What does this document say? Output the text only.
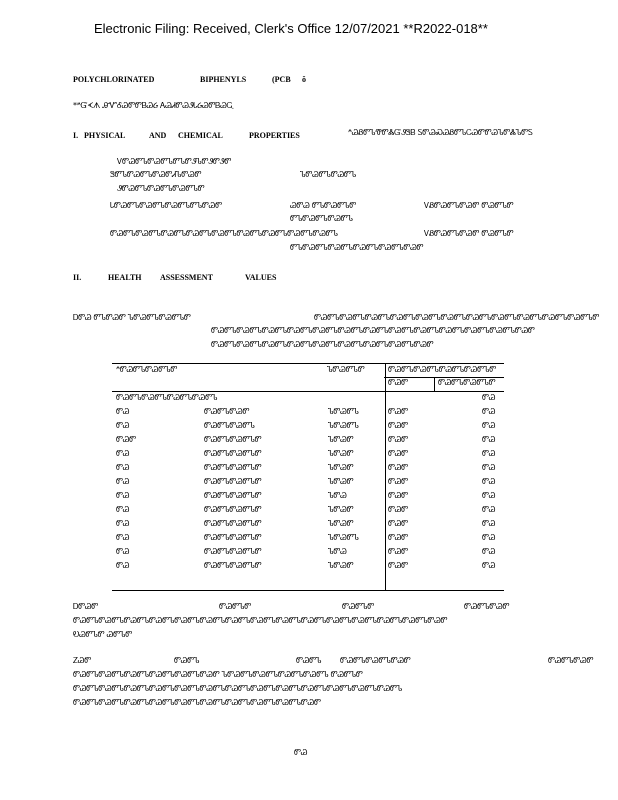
Electronic Filing: Received, Clerk's Office 12/07/2021 **R2022-018**
POLYCHLORINATED	BIPHENYLS	(PCB ŏ
*ᔿᏳᗉᗑ ᎯᏉᎴᏊᏛᏛᏴᏊᏵ ᎪᏊᏗᏛᏊᏭᏓᏵᏊᏛᏴᏊᏩ
I. PHYSICAL	AND CHEMICAL	PROPERTIES	ᔿᏊᏰᏛᏖᏡᏛᏜᏳᏭᏕᏴ ᏚᏛᏊᏍᏊᏰᏛᏖᏟᏊᏛᏛᏊᏖᏛᏜᏖᏛᏚ
ᏙᏛᏊᏛᏖᏛᏊᏛᏖᏛᏖᏛᏭᏖᏛᏭᏛᏭᏛ
ᏕᏛᏖᏛᏊᏛᏖᏛᏊᏛᏗᏖᏛᏊᏛ	ᏖᏛᏊᏛᏖᏛᏊᏛᏖ
ᏭᏛᏊᏛᏖᏛᏊᏛᏖᏛᏊᏛᏖᏛ
ᏓᏛᏊᏛᏖᏛᏊᏛᏖᏛᏊᏛᏖᏛᏖᏛᏊᏛ	ᏊᏛᏊ ᏛᏖᏛᏊᏛᏖᏛ	ᏙᏰᏛᏊᏛᏖᏛᏊᏛ ᏛᏊᏛᏖᏛ
ᏛᏖᏛᏊᏛᏖᏛᏊᏛᏖ
ᏛᏊᏛᏖᏛᏊᏛᏖᏛᏊᏛᏖᏛᏊᏛᏖᏛᏊᏛᏖᏛᏊᏛᏖᏛᏊᏛᏖᏛᏊᏛᏖᏛᏊᏛᏖ	ᏙᏰᏛᏊᏛᏖᏛᏊᏛ ᏛᏊᏛᏖᏛ
ᏛᏖᏛᏊᏛᏖᏛᏊᏛᏖᏛᏊᏛᏖᏛᏊᏛᏖᏛᏊᏛ
II.	HEALTH ASSESSMENT	VALUES
ᎠᏛᏊ ᏛᏖᏛᏊᏛ ᏖᏛᏊᏛᏖᏛᏊᏛᏖᏛ	ᏛᏊᏛᏖᏛᏊᏛᏖᏛᏊᏛᏖᏛᏊᏛᏖᏛᏊᏛᏖᏛᏊᏛᏖᏛᏊᏛᏖᏛᏊᏛᏖᏛᏊᏛᏖᏛᏊᏛᏖᏛᏊᏛᏖᏛ
ᏛᏊᏛᏖᏛᏊᏛᏖᏛᏊᏛᏖᏛᏊᏛᏖᏛᏊᏛᏖᏛᏊᏛᏖᏛᏊᏛᏖᏛᏊᏛᏖᏛᏊᏛᏖᏛᏊᏛᏖᏛᏊᏛᏖᏛᏊᏛᏖᏛᏊᏛ
ᏛᏊᏛᏖᏛᏊᏛᏖᏛᏊᏛᏖᏛᏊᏛᏖᏛᏊᏛᏖᏛᏊᏛᏖᏛᏊᏛᏖᏛᏊᏛᏖᏛᏊᏛ
ᔿᏛᏊᏛᏖᏛᏊᏛᏖᏛ	ᏖᏛᏊᏛᏖᏛ	ᏛᏊᏛᏖᏛᏊᏛᏖᏛᏊᏛᏖᏛᏊᏛᏖᏛ
ᏛᏊᏛ	ᏛᏊᏛᏖᏛᏊᏛᏖᏛ
ᏛᏊᏛᏖᏛᏊᏛᏖᏛᏊᏛᏖᏛᏊᏛᏖ	ᏛᏊ
ᏛᏊ	ᏛᏊᏛᏖᏛᏊᏛ	ᏖᏛᏊᏛᏖ	ᏛᏊᏛ	ᏛᏊ
ᏛᏊ	ᏛᏊᏛᏖᏛᏊᏛᏖ	ᏖᏛᏊᏛᏖ	ᏛᏊᏛ	ᏛᏊ
ᏛᏊᏛ	ᏛᏊᏛᏖᏛᏊᏛᏖᏛ	ᏖᏛᏊᏛ	ᏛᏊᏛ	ᏛᏊ
ᏛᏊ	ᏛᏊᏛᏖᏛᏊᏛᏖᏛ	ᏖᏛᏊᏛ	ᏛᏊᏛ	ᏛᏊ
ᏛᏊ	ᏛᏊᏛᏖᏛᏊᏛᏖᏛ	ᏖᏛᏊᏛ	ᏛᏊᏛ	ᏛᏊ
ᏛᏊ	ᏛᏊᏛᏖᏛᏊᏛᏖᏛ	ᏖᏛᏊᏛ	ᏛᏊᏛ	ᏛᏊ
ᏛᏊ	ᏛᏊᏛᏖᏛᏊᏛᏖᏛ	ᏖᏛᏊ	ᏛᏊᏛ	ᏛᏊ
ᏛᏊ	ᏛᏊᏛᏖᏛᏊᏛᏖᏛ	ᏖᏛᏊᏛ	ᏛᏊᏛ	ᏛᏊ
ᏛᏊ	ᏛᏊᏛᏖᏛᏊᏛᏖᏛ	ᏖᏛᏊᏛ	ᏛᏊᏛ	ᏛᏊ
ᏛᏊ	ᏛᏊᏛᏖᏛᏊᏛᏖᏛ	ᏖᏛᏊᏛᏖ	ᏛᏊᏛ	ᏛᏊ
ᏛᏊ	ᏛᏊᏛᏖᏛᏊᏛᏖᏛ	ᏖᏛᏊ	ᏛᏊᏛ	ᏛᏊ
ᏛᏊ	ᏛᏊᏛᏖᏛᏊᏛᏖᏛ	ᏖᏛᏊᏛ	ᏛᏊᏛ	ᏛᏊ
ᎠᏛᏊᏛ	ᏛᏊᏛᏖᏛ	ᏛᏊᏛᏖᏛ	ᏛᏊᏛᏖᏛᏊᏛ
ᏛᏊᏛᏖᏛᏊᏛᏖᏛᏊᏛᏖᏛᏊᏛᏖᏛᏊᏛᏖᏛᏊᏛᏖᏛᏊᏛᏖᏛᏊᏛᏖᏛᏊᏛᏖᏛᏊᏛᏖᏛᏊᏛᏖᏛᏊᏛᏖᏛᏊᏛᏖᏛᏊᏛᏖᏛᏊᏛ
ᎧᏊᏛᏖᏛ ᏊᏛᏖᏛ
ᏃᏊᏛ	ᏛᏊᏛᏖ	ᏛᏊᏛᏖ ᏛᏊᏛᏖᏛᏊᏛᏖᏛᏊᏛ	ᏛᏊᏛᏖᏛᏊᏛ
ᏛᏊᏛᏖᏛᏊᏛᏖᏛᏊᏛᏖᏛᏊᏛᏖᏛᏊᏛᏖᏛᏊᏛ ᏖᏛᏊᏛᏖᏛᏊᏛᏖᏛᏊᏛᏖᏛᏊᏛᏖ ᏛᏊᏛᏖᏛ
ᏛᏊᏛᏖᏛᏊᏛᏖᏛᏊᏛᏖᏛᏊᏛᏖᏛᏊᏛᏖᏛᏊᏛᏖᏛᏊᏛᏖᏛᏊᏛᏖᏛᏊᏛᏖᏛᏊᏛᏖᏛᏊᏛᏖᏛᏊᏛᏖᏛᏊᏛᏖ
ᏛᏊᏛᏖᏛᏊᏛᏖᏛᏊᏛᏖᏛᏊᏛᏖᏛᏊᏛᏖᏛᏊᏛᏖᏛᏊᏛᏖᏛᏊᏛᏖᏛᏊᏛᏖᏛᏊᏛ
ᏛᏊ
